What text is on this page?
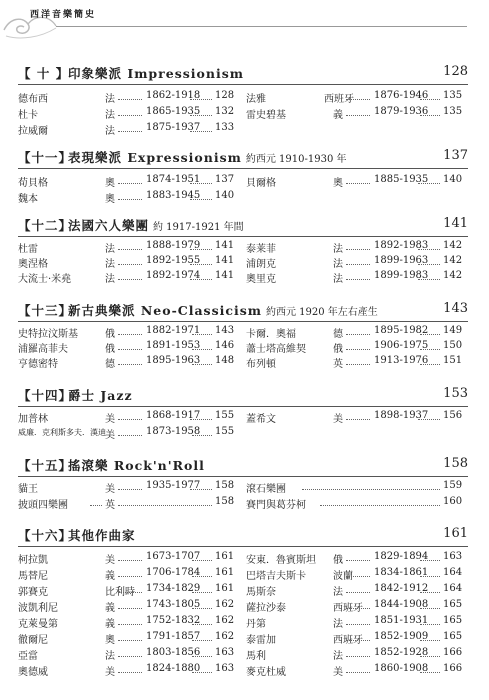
西洋音樂簡史
【 十 】
印象樂派 Impressionism	128
德布西	法	1862-1918 128 法雅	西班牙 1876-1946 135
杜卡	法	1865-1935 132 雷史碧基	義	1879-1936 135
拉威爾	法	1875-1937 133
【十一】
表現樂派 Expressionism 約西元 1910-1930 年	137
荀貝格	奧	1874-1951 137 貝爾格	奧	1885-1935 140
魏本	奧	1883-1945 140
【十二】
法國六人樂團 約 1917-1921 年間	141
杜雷	法	1888-1979 141 泰莱菲	法	1892-1983 142
奧涅格	法	1892-1955 141 浦朗克	法	1899-1963 142
大流士·米堯	法	1892-1974 141 奧里克	法	1899-1983 142
【十三】
新古典樂派 Neo-Classicism 約西元 1920 年左右產生	143
史特拉汶斯基	俄	1882-1971 143 卡爾．奧福	德	1895-1982 149
浦羅高菲夫	俄	1891-1953 146 蕭士塔高維契	俄	1906-1975 150
亨德密特	德	1895-1963 148 布列頓	英	1913-1976 151
【十四】
爵士 Jazz	153
加普林	美	1868-1917 155 蓋希文	美	1898-1937 156
威廉．克利斯多夫．漢迪 美	1873-1958 155
【十五】
搖滾樂 Rock'n'Roll	158
貓王	美	1935-1977 158 滾石樂團	159
披頭四樂團	英	158 賽門與葛芬柯	160
【十六】
其他作曲家	161
柯拉凱	美	1673-1707 161 安東．魯賓斯坦 俄	1829-1894 163
馬替尼	義	1706-1784 161 巴塔吉夫斯卡	波蘭 1834-1861 164
郭賽克	比利時 1734-1829 161 馬斯奈	法	1842-1912 164
波凱利尼	義	1743-1805 162 薩拉沙泰	西班牙 1844-1908 165
克萊曼第	義	1752-1832 162 丹第	法	1851-1931 165
徹爾尼	奧	1791-1857 162 泰雷加	西班牙 1852-1909 165
亞當	法	1803-1856 163 馬利	法	1852-1928 166
奧德威	美	1824-1880 163 麥克杜威	美	1860-1908 166
